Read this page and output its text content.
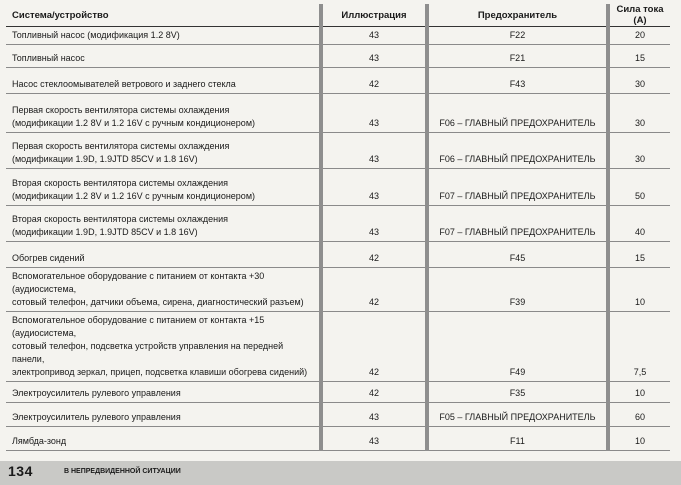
Система/устройство	Иллюстрация	Предохранитель	Сила тока (А)

Топливный насос (модификация 1.2 8V)	43	F22	20

Топливный насос	43	F21	15

Насос стеклоомывателей ветрового и заднего стекла	42	F43	30

Первая скорость вентилятора системы охлаждения
(модификации 1.2 8V и 1.2 16V с ручным кондиционером)	43	F06 – ГЛАВНЫЙ ПРЕДОХРАНИТЕЛЬ	30

Первая скорость вентилятора системы охлаждения
(модификации 1.9D, 1.9JTD 85CV и 1.8 16V)	43	F06 – ГЛАВНЫЙ ПРЕДОХРАНИТЕЛЬ	30

Вторая скорость вентилятора системы охлаждения
(модификации 1.2 8V и 1.2 16V с ручным кондиционером)	43	F07 – ГЛАВНЫЙ ПРЕДОХРАНИТЕЛЬ	50

Вторая скорость вентилятора системы охлаждения
(модификации 1.9D, 1.9JTD 85CV и 1.8 16V)	43	F07 – ГЛАВНЫЙ ПРЕДОХРАНИТЕЛЬ	40

Обогрев сидений	42	F45	15

Вспомогательное оборудование с питанием от контакта +30 (аудиосистема,
сотовый телефон, датчики объема, сирена, диагностический разъем)	42	F39	10

Вспомогательное оборудование с питанием от контакта +15 (аудиосистема,
сотовый телефон, подсветка устройств управления на передней панели,
электропривод зеркал, прицеп, подсветка клавиши обогрева сидений)	42	F49	7,5

Электроусилитель рулевого управления	42	F35	10

Электроусилитель рулевого управления	43	F05 – ГЛАВНЫЙ ПРЕДОХРАНИТЕЛЬ	60

Лямбда-зонд	43	F11	10
134	В НЕПРЕДВИДЕННОЙ СИТУАЦИИ
